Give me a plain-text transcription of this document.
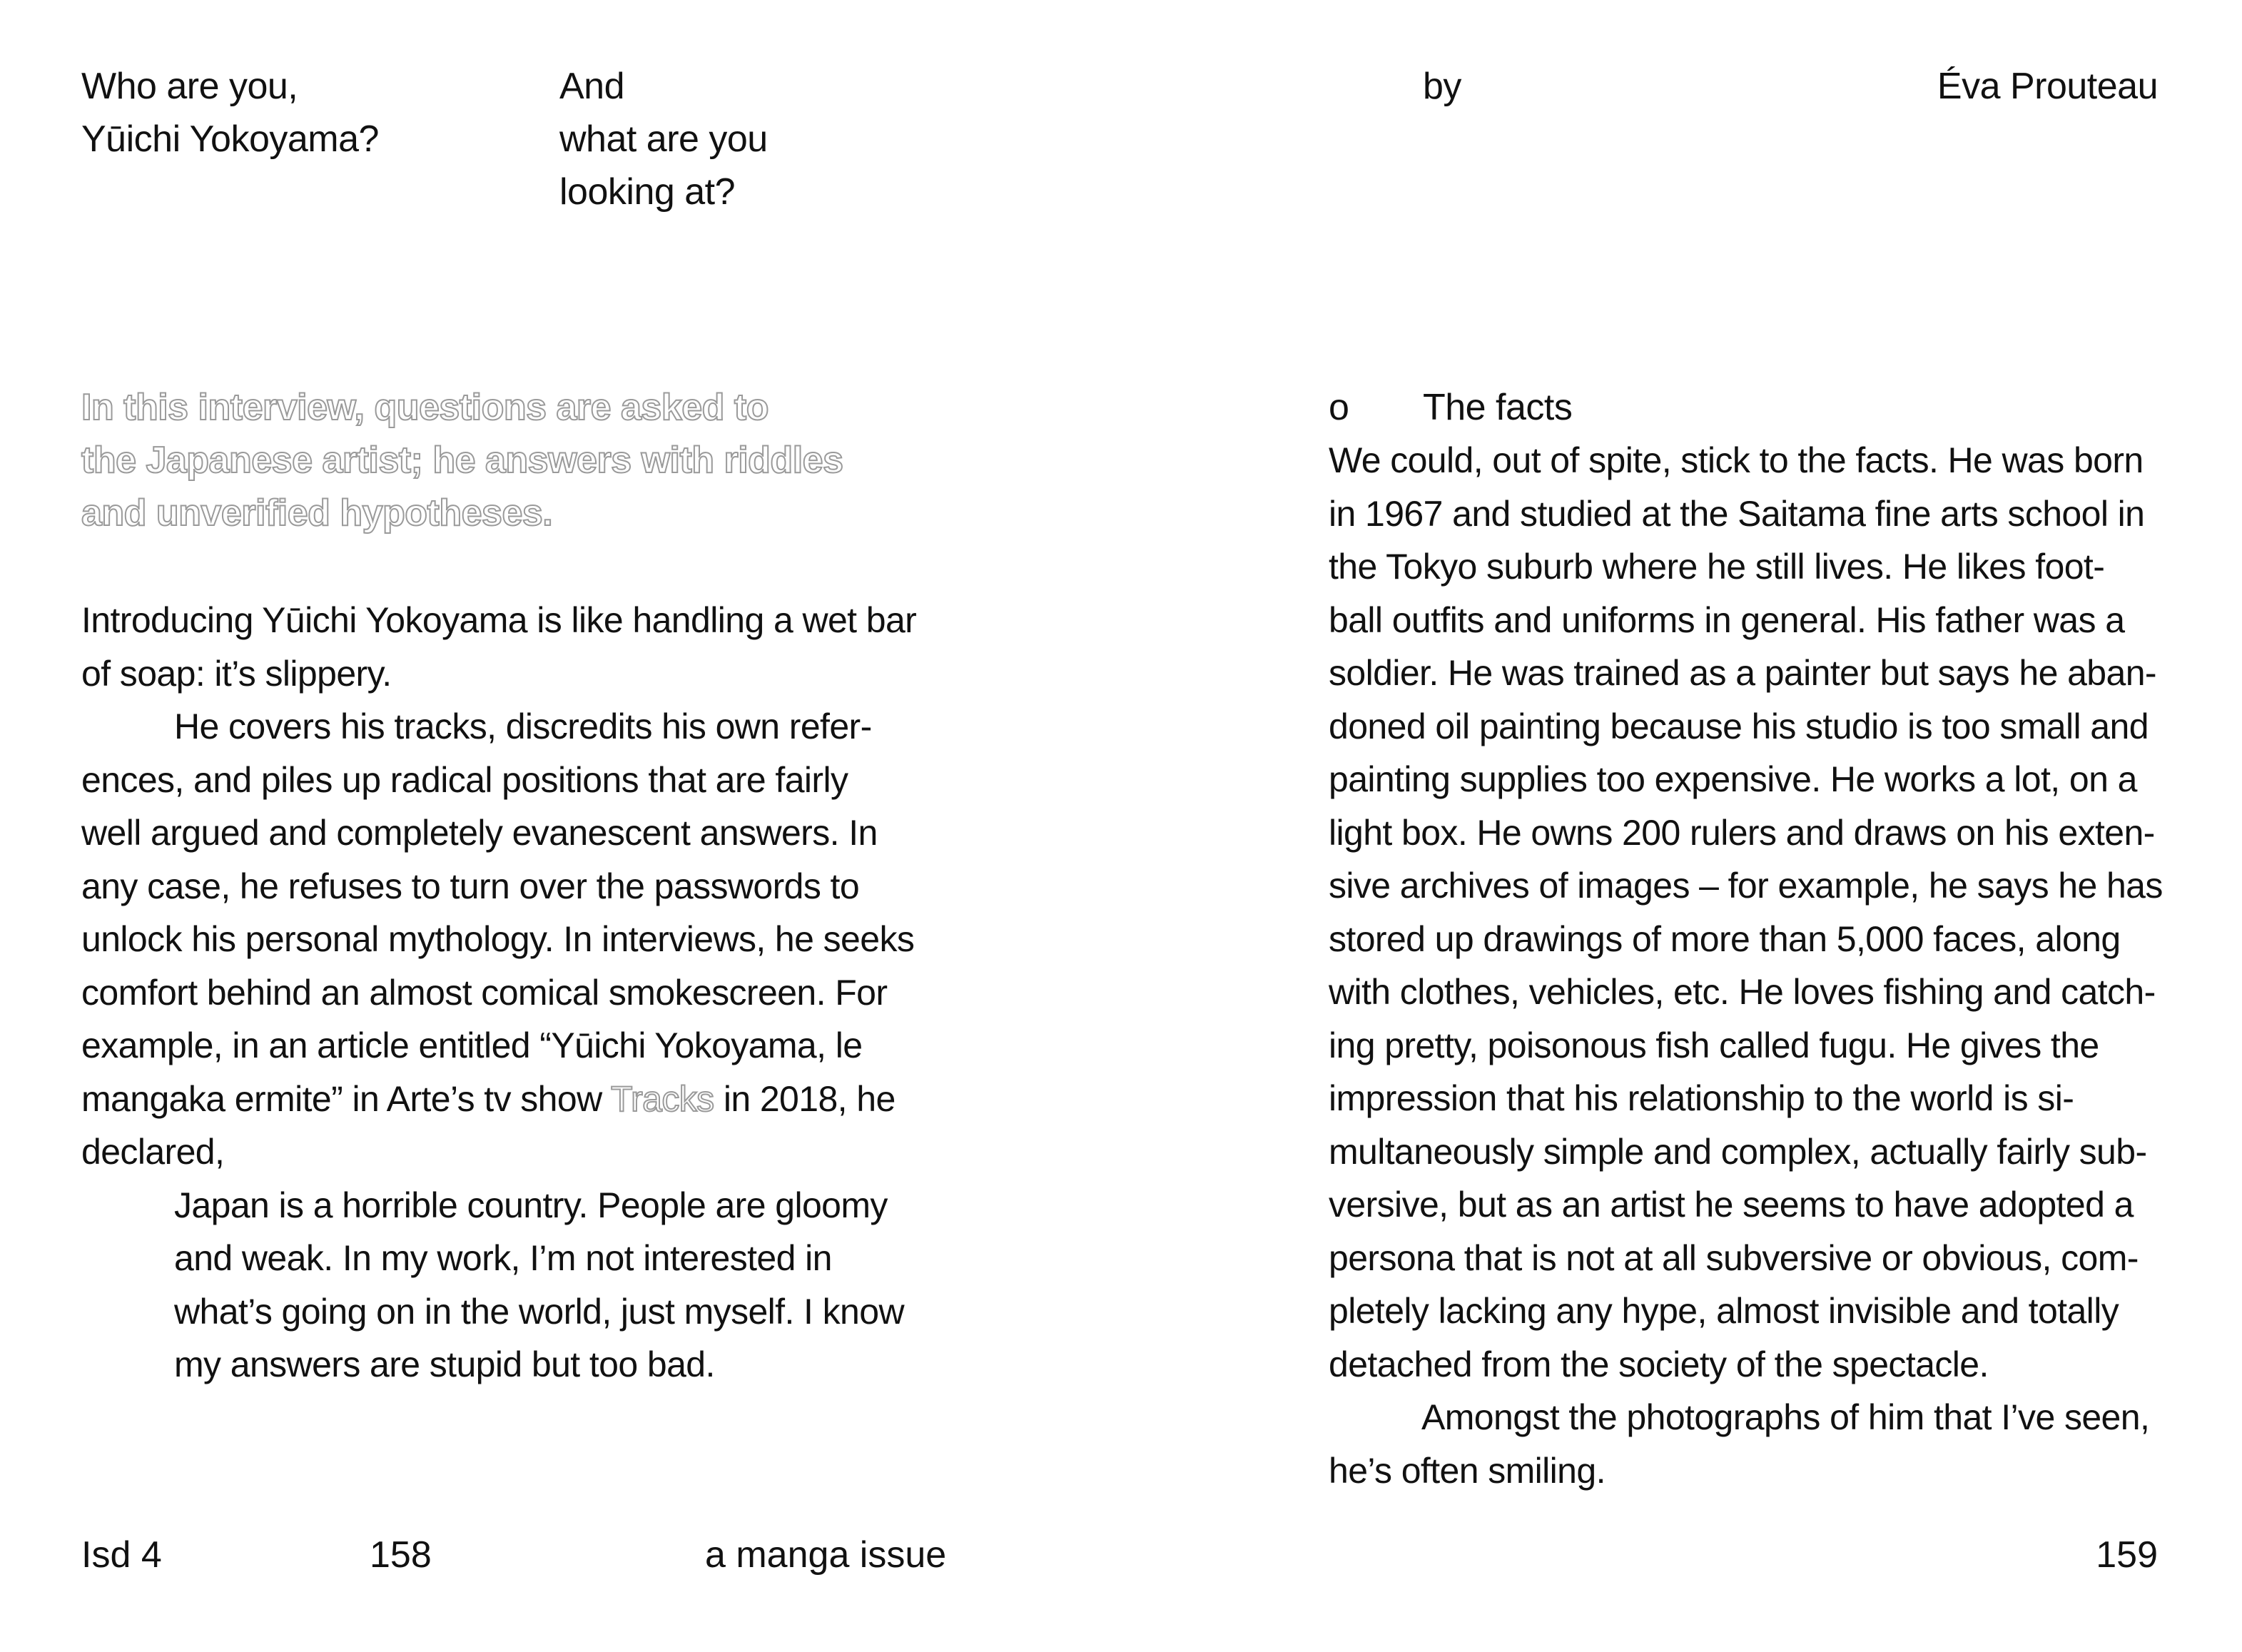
Who are you,
Yūichi Yokoyama?
And
what are you
looking at?
In this interview, questions are asked to
the Japanese artist; he answers with riddles
and unverified hypotheses.
Introducing Yūichi Yokoyama is like handling a wet bar
of soap: it’s slippery.
He covers his tracks, discredits his own refer-
ences, and piles up radical positions that are fairly
well argued and completely evanescent answers. In
any case, he refuses to turn over the passwords to
unlock his personal mythology. In interviews, he seeks
comfort behind an almost comical smokescreen. For
example, in an article entitled “Yūichi Yokoyama, le
mangaka ermite” in Arte’s tv show Tracks in 2018, he
declared,
Japan is a horrible country. People are gloomy
and weak. In my work, I’m not interested in
what’s going on in the world, just myself. I know
my answers are stupid but too bad.
Isd 4	158	a manga issue
by	Éva Prouteau
o The facts
We could, out of spite, stick to the facts. He was born
in 1967 and studied at the Saitama fine arts school in
the Tokyo suburb where he still lives. He likes foot-
ball outfits and uniforms in general. His father was a
soldier. He was trained as a painter but says he aban-
doned oil painting because his studio is too small and
painting supplies too expensive. He works a lot, on a
light box. He owns 200 rulers and draws on his exten-
sive archives of images – for example, he says he has
stored up drawings of more than 5,000 faces, along
with clothes, vehicles, etc. He loves fishing and catch-
ing pretty, poisonous fish called fugu. He gives the
impression that his relationship to the world is si-
multaneously simple and complex, actually fairly sub-
versive, but as an artist he seems to have adopted a
persona that is not at all subversive or obvious, com-
pletely lacking any hype, almost invisible and totally
detached from the society of the spectacle.
Amongst the photographs of him that I’ve seen,
he’s often smiling.
159
